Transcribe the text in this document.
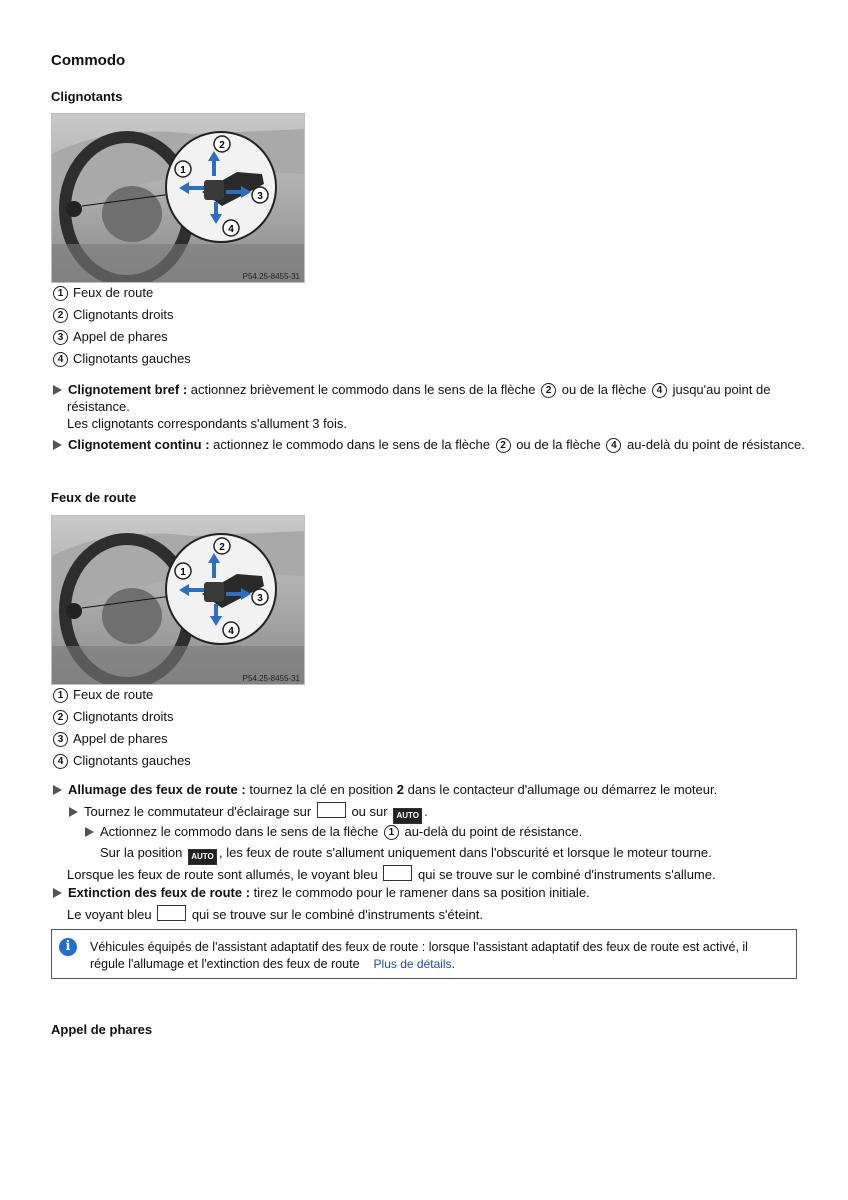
Commodo
Clignotants
1
2
3
4
P54.25-8455-31
1 Feux de route
2 Clignotants droits
3 Appel de phares
4 Clignotants gauches
Clignotement bref : actionnez brièvement le commodo dans le sens de la flèche 2 ou de la flèche 4 jusqu'au point de
résistance.
Les clignotants correspondants s'allument 3 fois.
Clignotement continu : actionnez le commodo dans le sens de la flèche 2 ou de la flèche 4 au-delà du point de résistance.
Feux de route
1
2
3
4
P54.25-8455-31
1 Feux de route
2 Clignotants droits
3 Appel de phares
4 Clignotants gauches
Allumage des feux de route : tournez la clé en position 2 dans le contacteur d'allumage ou démarrez le moteur.
Tournez le commutateur d'éclairage sur	ou sur AUTO .
Actionnez le commodo dans le sens de la flèche 1 au-delà du point de résistance.
Sur la position AUTO , les feux de route s'allument uniquement dans l'obscurité et lorsque le moteur tourne.
Lorsque les feux de route sont allumés, le voyant bleu	qui se trouve sur le combiné d'instruments s'allume.
Extinction des feux de route : tirez le commodo pour le ramener dans sa position initiale.
Le voyant bleu	qui se trouve sur le combiné d'instruments s'éteint.
i	Véhicules équipés de l'assistant adaptatif des feux de route : lorsque l'assistant adaptatif des feux de route est activé, il
régule l'allumage et l'extinction des feux de route Plus de détails.
Appel de phares
